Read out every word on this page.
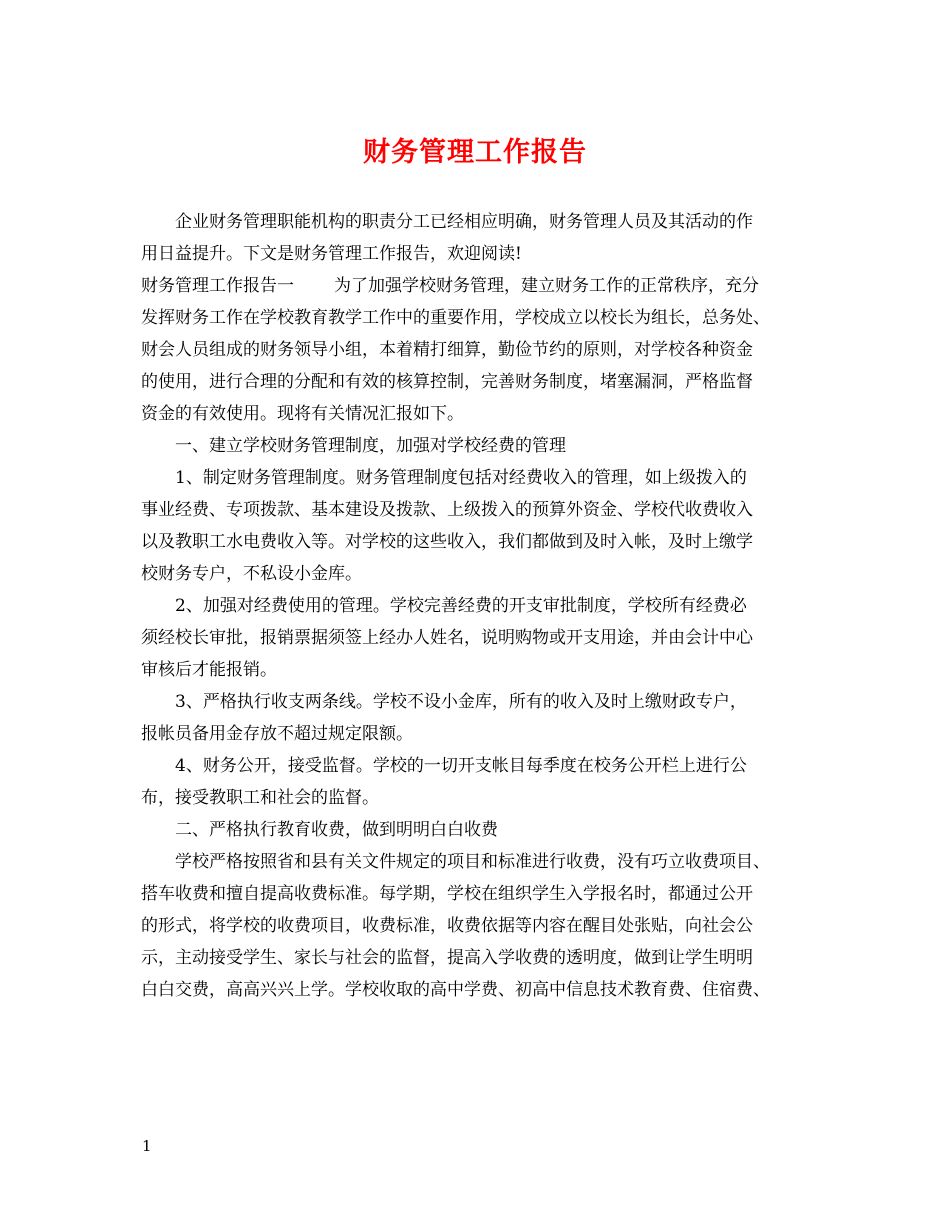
财务管理工作报告
企业财务管理职能机构的职责分工已经相应明确，财务管理人员及其活动的作
用日益提升。下文是财务管理工作报告，欢迎阅读!
财务管理工作报告一 为了加强学校财务管理，建立财务工作的正常秩序，充分
发挥财务工作在学校教育教学工作中的重要作用，学校成立以校长为组长，总务处、
财会人员组成的财务领导小组，本着精打细算，勤俭节约的原则，对学校各种资金
的使用，进行合理的分配和有效的核算控制，完善财务制度，堵塞漏洞，严格监督
资金的有效使用。现将有关情况汇报如下。
一、建立学校财务管理制度，加强对学校经费的管理
1、制定财务管理制度。财务管理制度包括对经费收入的管理，如上级拨入的
事业经费、专项拨款、基本建设及拨款、上级拨入的预算外资金、学校代收费收入
以及教职工水电费收入等。对学校的这些收入，我们都做到及时入帐，及时上缴学
校财务专户，不私设小金库。
2、加强对经费使用的管理。学校完善经费的开支审批制度，学校所有经费必
须经校长审批，报销票据须签上经办人姓名，说明购物或开支用途，并由会计中心
审核后才能报销。
3、严格执行收支两条线。学校不设小金库，所有的收入及时上缴财政专户，
报帐员备用金存放不超过规定限额。
4、财务公开，接受监督。学校的一切开支帐目每季度在校务公开栏上进行公
布，接受教职工和社会的监督。
二、严格执行教育收费，做到明明白白收费
学校严格按照省和县有关文件规定的项目和标准进行收费，没有巧立收费项目、
搭车收费和擅自提高收费标准。每学期，学校在组织学生入学报名时，都通过公开
的形式，将学校的收费项目，收费标准，收费依据等内容在醒目处张贴，向社会公
示，主动接受学生、家长与社会的监督，提高入学收费的透明度，做到让学生明明
白白交费，高高兴兴上学。学校收取的高中学费、初高中信息技术教育费、住宿费、
1
